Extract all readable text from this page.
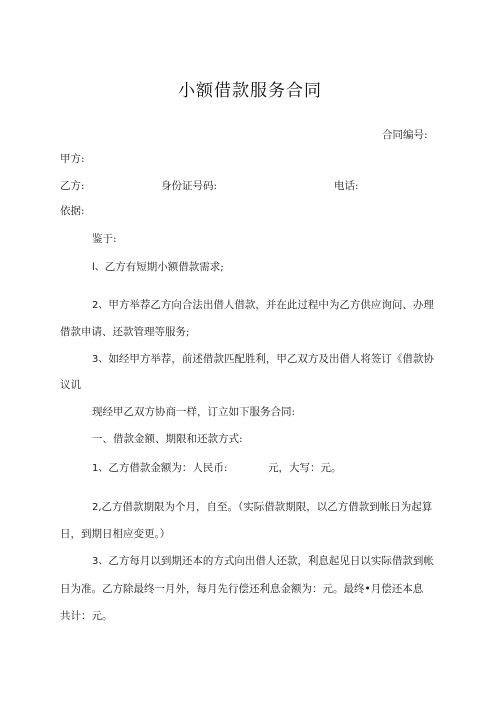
小额借款服务合同
合同编号:
甲方:
乙方:	身份证号码:	电话:
依据:
鉴于:
l、乙方有短期小额借款需求;
2、甲方举荐乙方向合法出借人借款，并在此过程中为乙方供应询问、办理
借款申请、还款管理等服务;
3、如经甲方举荐，前述借款匹配胜利，甲乙双方及出借人将签订《借款协
议讥
现经甲乙双方协商一样，订立如下服务合同:
一、借款金额、期限和还款方式:
1、乙方借款金额为：人民币:	元，大写：元。
2,乙方借款期限为个月，自至。（实际借款期限，以乙方借款到帐日为起算
日，到期日相应变更。）
3、乙方每月以到期还本的方式向出借人还款，利息起见日以实际借款到帐
日为准。乙方除最终一月外，每月先行偿还利息金额为：元。最终•月偿还本息
共计：元。
